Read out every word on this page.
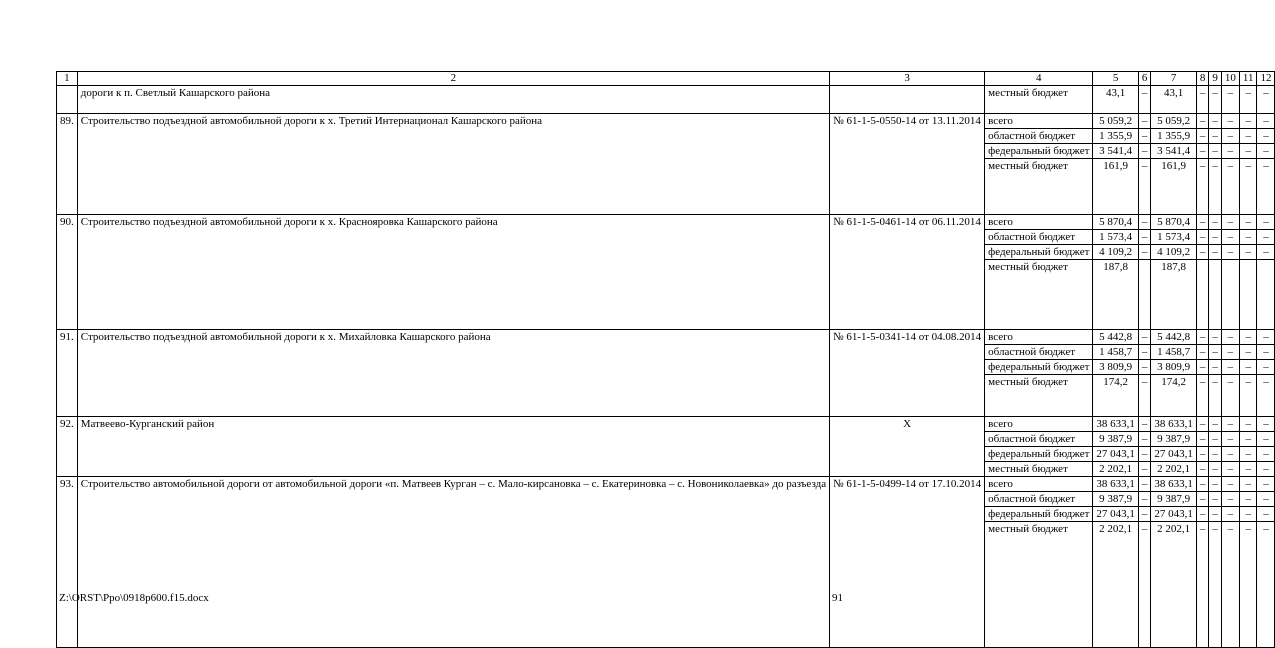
1	2	3	4	5	6	7	8	9	10	11	12
	дороги к п. Светлый Кашарского района		местный бюджет	43,1	–	43,1	–	–	–	–	–
89.	Строительство подъездной автомобильной дороги к х. Третий Интернационал Кашарского района	№ 61-1-5-0550-14 от 13.11.2014	всего	5 059,2	–	5 059,2	–	–	–	–	–
			областной бюджет	1 355,9	–	1 355,9	–	–	–	–	–
			федеральный бюджет	3 541,4	–	3 541,4	–	–	–	–	–
			местный бюджет	161,9	–	161,9	–	–	–	–	–
90.	Строительство подъездной автомобильной дороги к х. Краснояровка Кашарского района	№ 61-1-5-0461-14 от 06.11.2014	всего	5 870,4	–	5 870,4	–	–	–	–	–
			областной бюджет	1 573,4	–	1 573,4	–	–	–	–	–
			федеральный бюджет	4 109,2	–	4 109,2	–	–	–	–	–
			местный бюджет	187,8		187,8					
91.	Строительство подъездной автомобильной дороги к х. Михайловка Кашарского района	№ 61-1-5-0341-14 от 04.08.2014	всего	5 442,8	–	5 442,8	–	–	–	–	–
			областной бюджет	1 458,7	–	1 458,7	–	–	–	–	–
			федеральный бюджет	3 809,9	–	3 809,9	–	–	–	–	–
			местный бюджет	174,2	–	174,2	–	–	–	–	–
92.	Матвеево-Курганский район	Х	всего	38 633,1	–	38 633,1	–	–	–	–	–
			областной бюджет	9 387,9	–	9 387,9	–	–	–	–	–
			федеральный бюджет	27 043,1	–	27 043,1	–	–	–	–	–
			местный бюджет	2 202,1	–	2 202,1	–	–	–	–	–
93.	Строительство автомобильной дороги от автомобильной дороги «п. Матвеев Курган – с. Мало-кирсановка – с. Екатериновка – с. Новониколаевка» до разъезда	№ 61-1-5-0499-14 от 17.10.2014	всего	38 633,1	–	38 633,1	–	–	–	–	–
			областной бюджет	9 387,9	–	9 387,9	–	–	–	–	–
			федеральный бюджет	27 043,1	–	27 043,1	–	–	–	–	–
			местный бюджет	2 202,1	–	2 202,1	–	–	–	–	–
Z:\ORST\Ppo\0918p600.f15.docx	91
